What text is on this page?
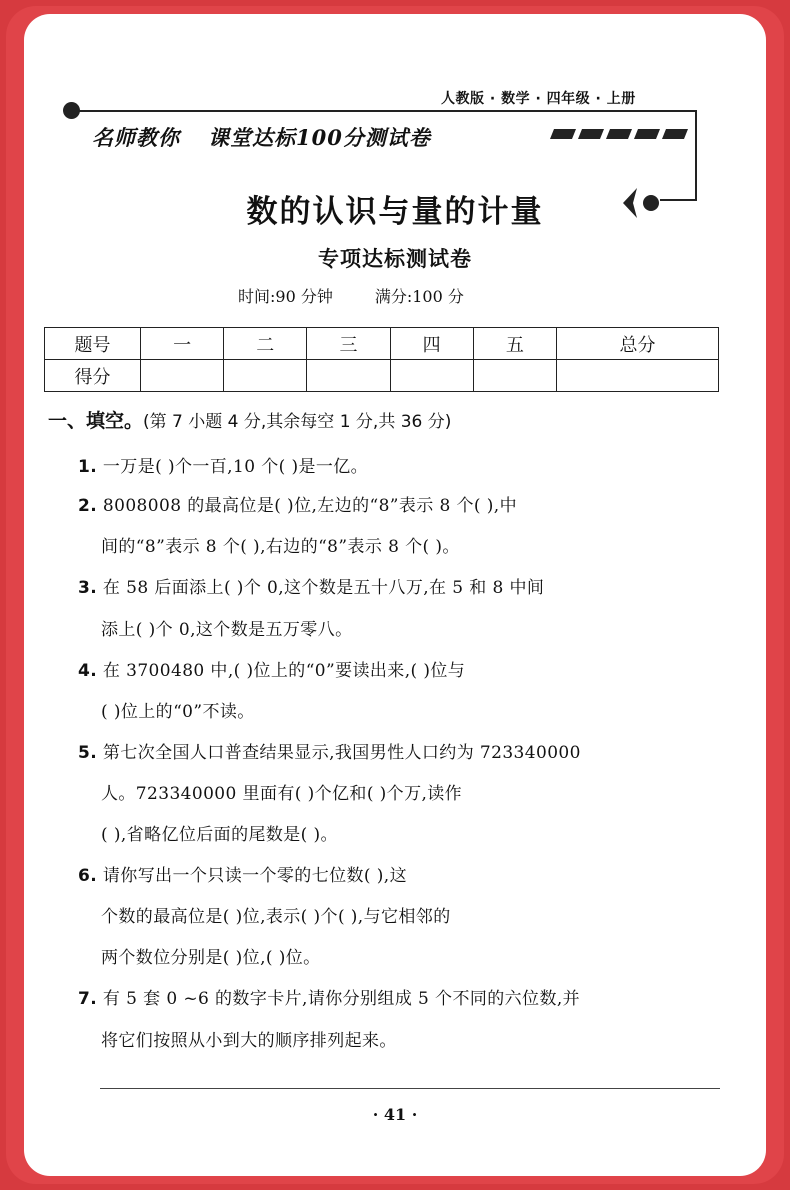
人教版 · 数学 · 四年级 · 上册
名师教你 课堂达标100分测试卷
数的认识与量的计量
专项达标测试卷
时间:90 分钟	满分:100 分
题号	一	二	三	四	五	总分
得分						
一、填空。(第 7 小题 4 分,其余每空 1 分,共 36 分)
1. 一万是( )个一百,10 个( )是一亿。
2. 8008008 的最高位是( )位,左边的“8”表示 8 个( ),中
间的“8”表示 8 个( ),右边的“8”表示 8 个( )。
3. 在 58 后面添上( )个 0,这个数是五十八万,在 5 和 8 中间
添上( )个 0,这个数是五万零八。
4. 在 3700480 中,( )位上的“0”要读出来,( )位与
( )位上的“0”不读。
5. 第七次全国人口普查结果显示,我国男性人口约为 723340000
人。723340000 里面有( )个亿和( )个万,读作
( ),省略亿位后面的尾数是( )。
6. 请你写出一个只读一个零的七位数( ),这
个数的最高位是( )位,表示( )个( ),与它相邻的
两个数位分别是( )位,( )位。
7. 有 5 套 0 ~6 的数字卡片,请你分别组成 5 个不同的六位数,并
将它们按照从小到大的顺序排列起来。
· 41 ·
